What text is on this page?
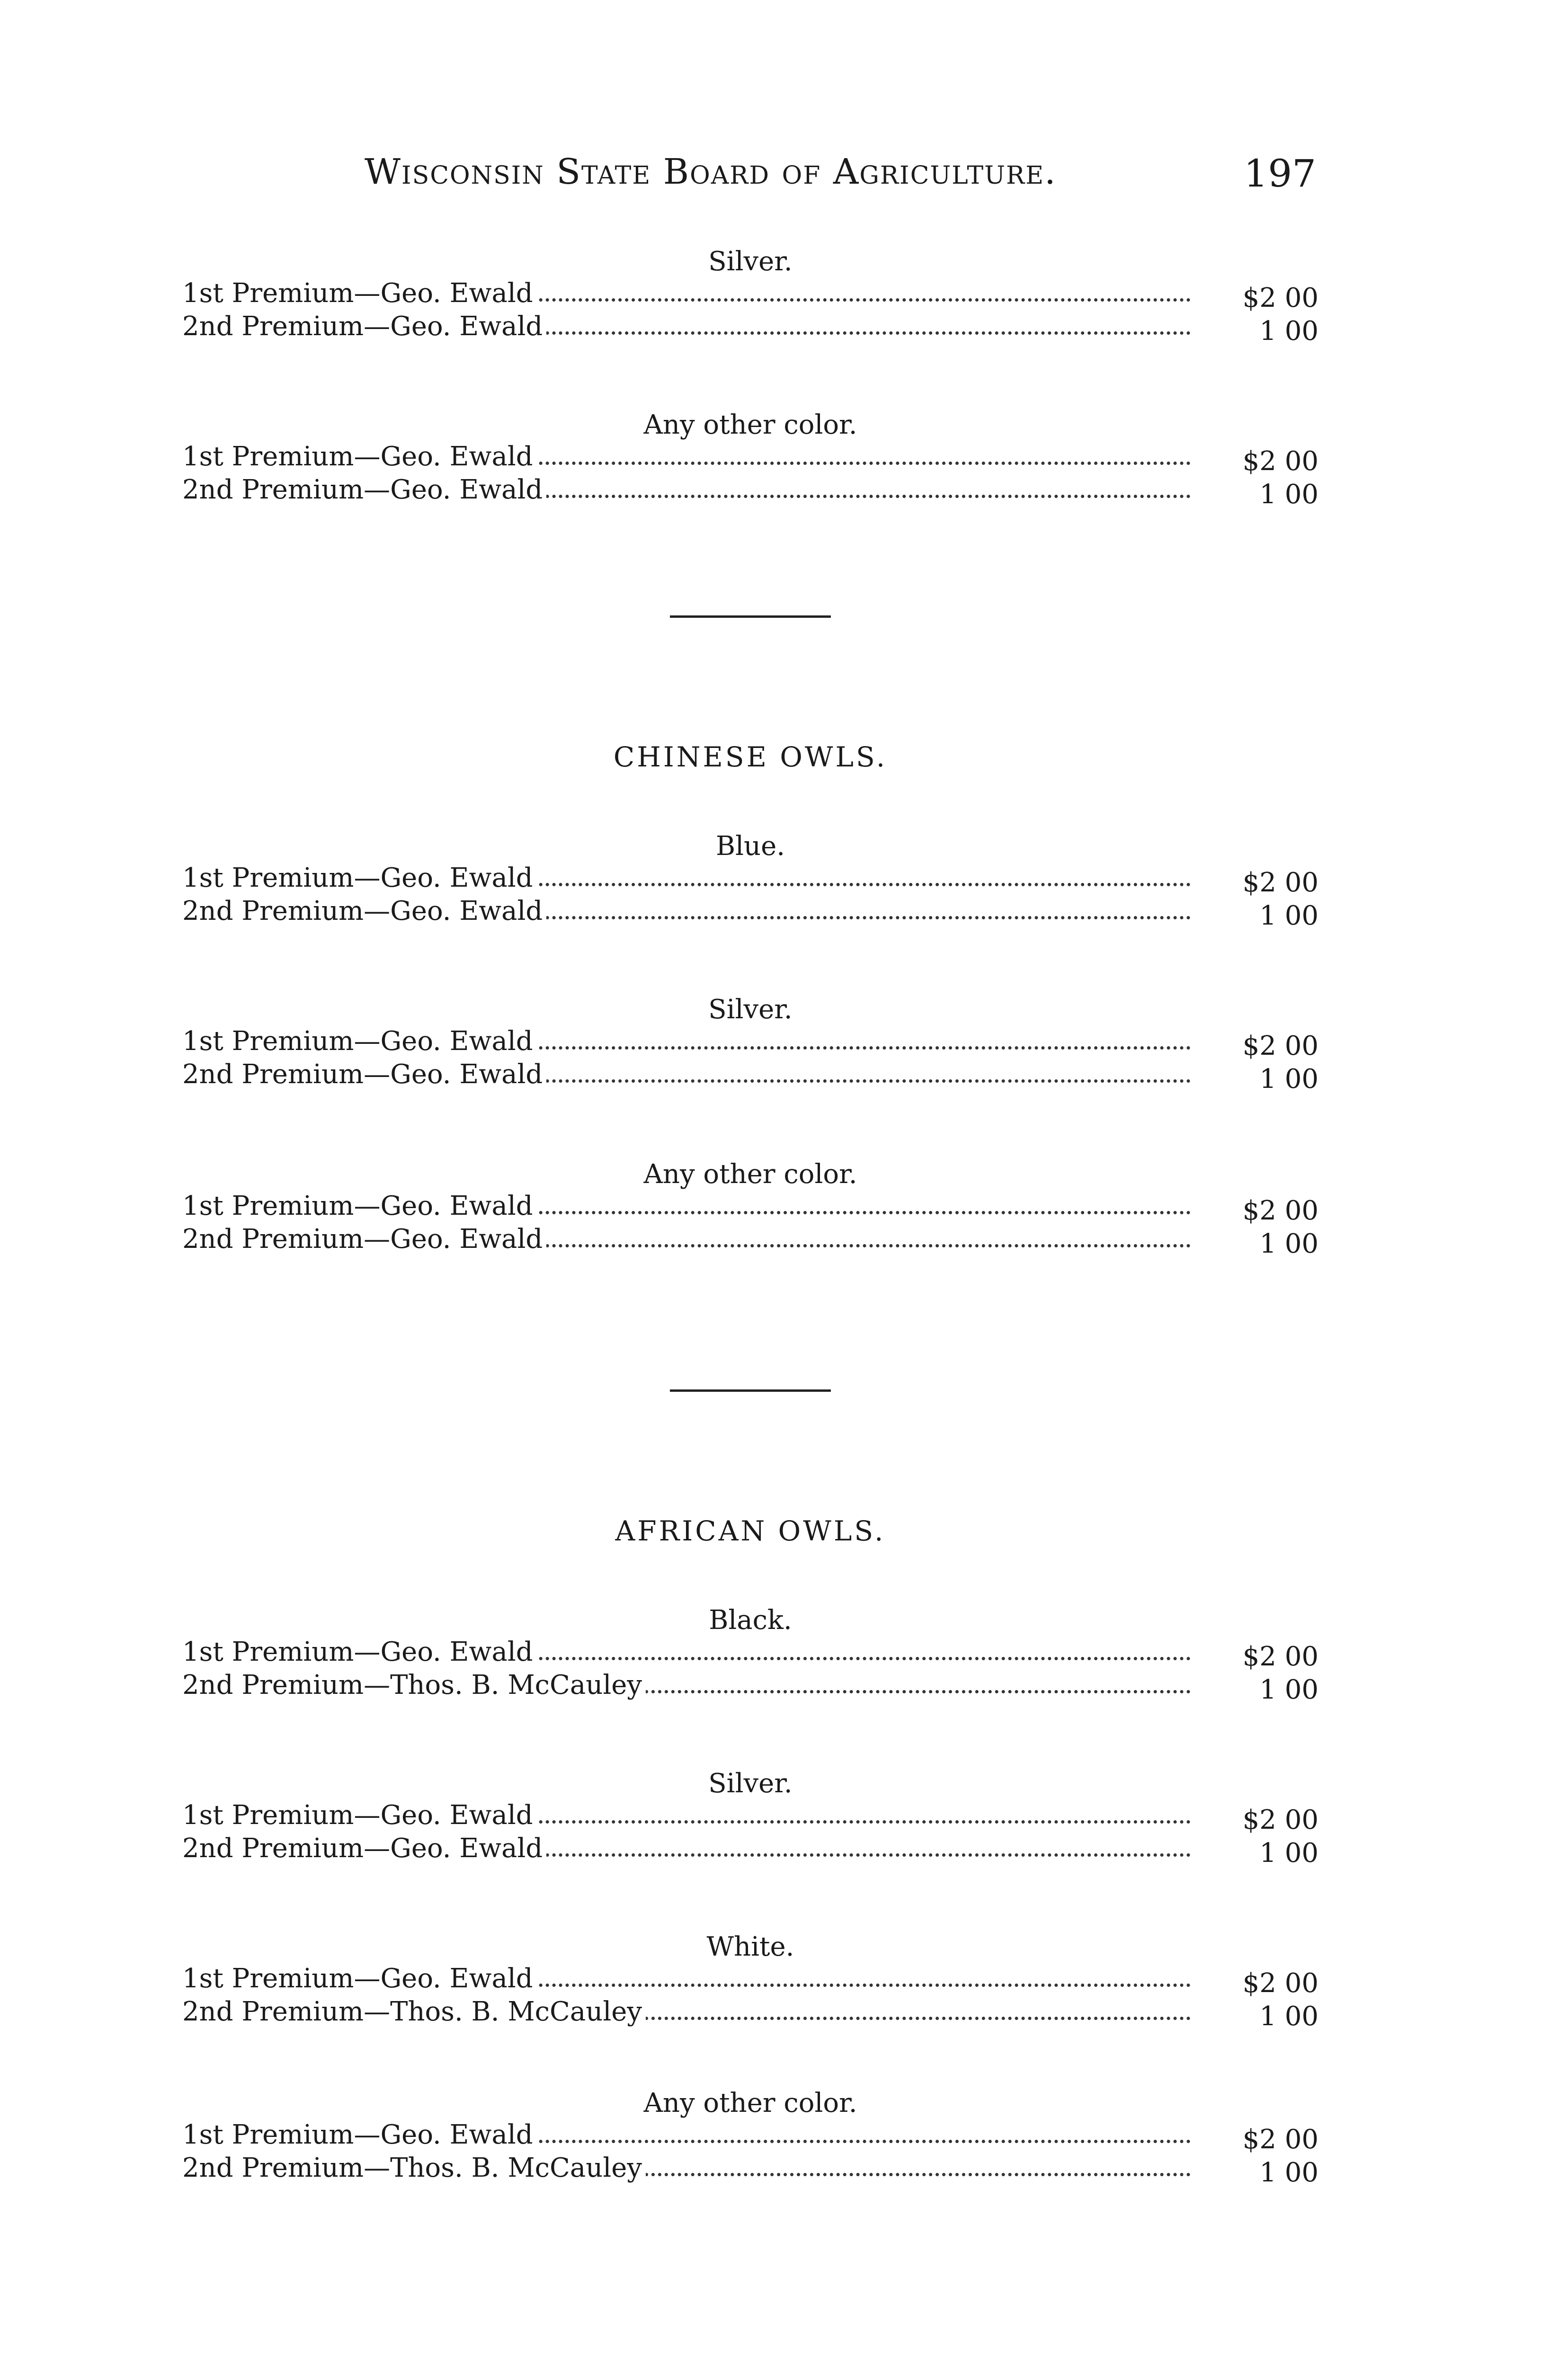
Wisconsin State Board of Agriculture.	197
Silver.
1st Premium—Geo. Ewald	$2 00
2nd Premium—Geo. Ewald	1 00
Any other color.
1st Premium—Geo. Ewald	$2 00
2nd Premium—Geo. Ewald	1 00
CHINESE OWLS.
Blue.
1st Premium—Geo. Ewald	$2 00
2nd Premium—Geo. Ewald	1 00
Silver.
1st Premium—Geo. Ewald	$2 00
2nd Premium—Geo. Ewald	1 00
Any other color.
1st Premium—Geo. Ewald	$2 00
2nd Premium—Geo. Ewald	1 00
AFRICAN OWLS.
Black.
1st Premium—Geo. Ewald	$2 00
2nd Premium—Thos. B. McCauley	1 00
Silver.
1st Premium—Geo. Ewald	$2 00
2nd Premium—Geo. Ewald	1 00
White.
1st Premium—Geo. Ewald	$2 00
2nd Premium—Thos. B. McCauley	1 00
Any other color.
1st Premium—Geo. Ewald	$2 00
2nd Premium—Thos. B. McCauley	1 00
